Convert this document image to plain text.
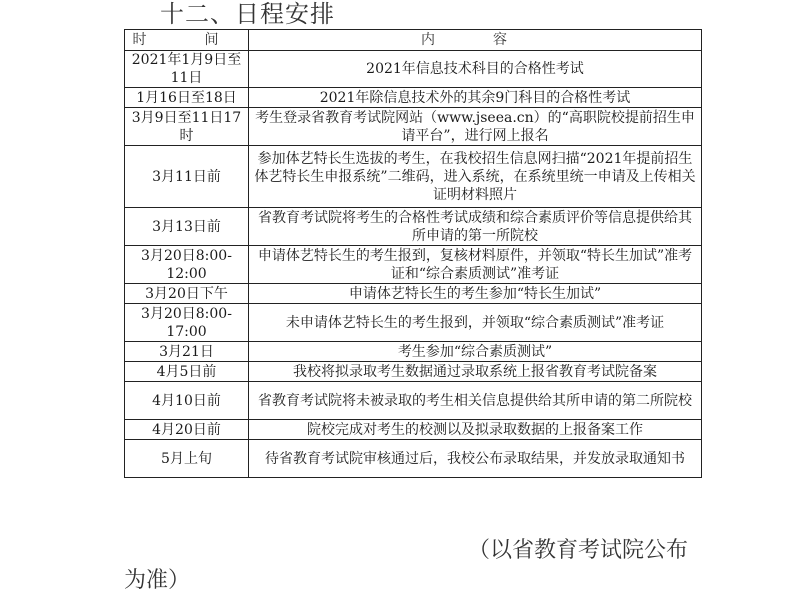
十二、日程安排
时　间	内　容
2021年1月9日至11日	2021年信息技术科目的合格性考试
1月16日至18日	2021年除信息技术外的其余9门科目的合格性考试
3月9日至11日17时	考生登录省教育考试院网站（www.jseea.cn）的“高职院校提前招生申请平台”，进行网上报名
3月11日前	参加体艺特长生选拔的考生，在我校招生信息网扫描“2021年提前招生体艺特长生申报系统”二维码，进入系统，在系统里统一申请及上传相关证明材料照片
3月13日前	省教育考试院将考生的合格性考试成绩和综合素质评价等信息提供给其所申请的第一所院校
3月20日8:00-12:00	申请体艺特长生的考生报到，复核材料原件，并领取“特长生加试”准考证和“综合素质测试”准考证
3月20日下午	申请体艺特长生的考生参加“特长生加试”
3月20日8:00-17:00	未申请体艺特长生的考生报到，并领取“综合素质测试”准考证
3月21日	考生参加“综合素质测试”
4月5日前	我校将拟录取考生数据通过录取系统上报省教育考试院备案
4月10日前	省教育考试院将未被录取的考生相关信息提供给其所申请的第二所院校
4月20日前	院校完成对考生的校测以及拟录取数据的上报备案工作
5月上旬	待省教育考试院审核通过后，我校公布录取结果，并发放录取通知书
（以省教育考试院公布
为准）
